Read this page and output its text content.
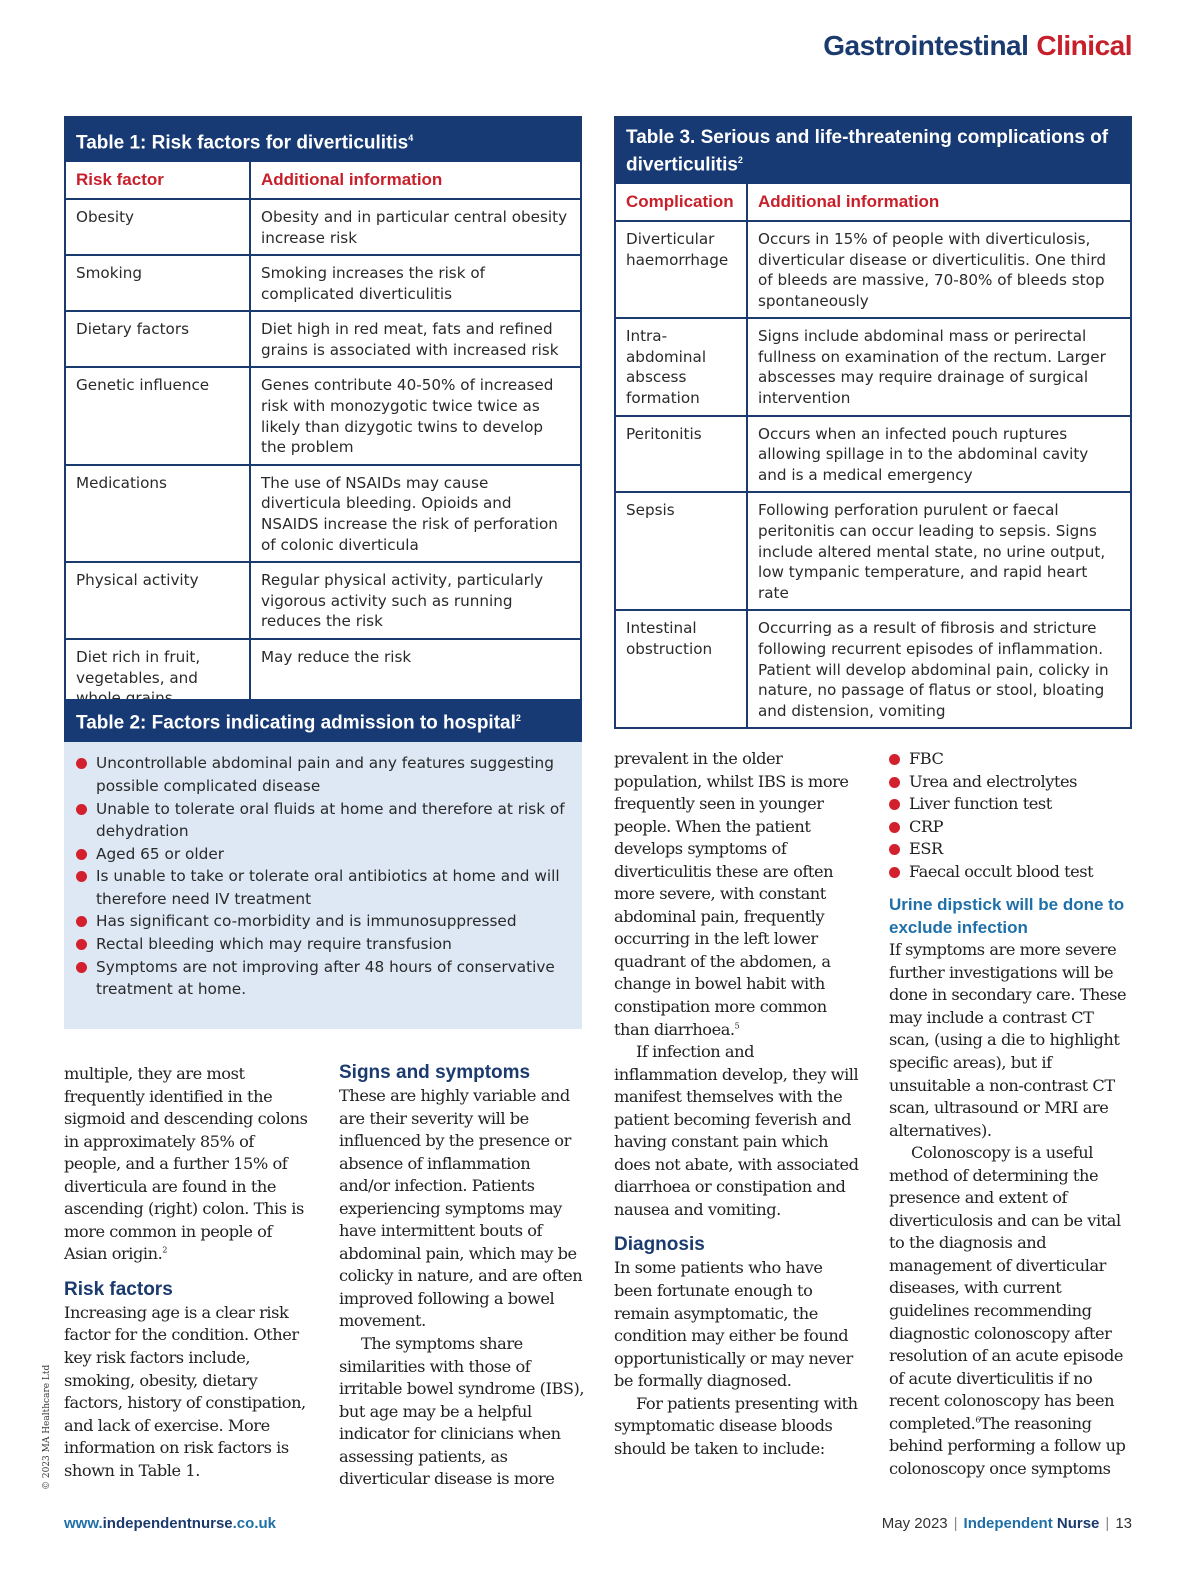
Gastrointestinal Clinical
Table 1: Risk factors for diverticulitis$^4$
Risk factor	Additional information
Obesity	Obesity and in particular central obesity increase risk
Smoking	Smoking increases the risk of complicated diverticulitis
Dietary factors	Diet high in red meat, fats and refined grains is associated with increased risk
Genetic influence	Genes contribute 40-50% of increased risk with monozygotic twice twice as likely than dizygotic twins to develop the problem
Medications	The use of NSAIDs may cause diverticula bleeding. Opioids and NSAIDS increase the risk of perforation of colonic diverticula
Physical activity	Regular physical activity, particularly vigorous activity such as running reduces the risk
Diet rich in fruit, vegetables, and	May reduce the risk
Table 3. Serious and life-threatening complications of diverticulitis$^2$
Complication	Additional information
Diverticular haemorrhage	Occurs in 15% of people with diverticulosis, diverticular disease or diverticulitis. One third of bleeds are massive, 70-80% of bleeds stop spontaneously
Intra-abdominal abscess formation	Signs include abdominal mass or perirectal fullness on examination of the rectum. Larger abscesses may require drainage of surgical intervention
Peritonitis	Occurs when an infected pouch ruptures allowing spillage in to the abdominal cavity and is a medical emergency
Sepsis	Following perforation purulent or faecal peritonitis can occur leading to sepsis. Signs include altered mental state, no urine output, low tympanic temperature, and rapid heart rate
Intestinal obstruction	Occurring as a result of fibrosis and stricture following recurrent episodes of inflammation. Patient will develop abdominal pain, colicky in nature, no passage of flatus or stool, bloating and distension, vomiting
Table 2: Factors indicating admission to hospital$^2$
Uncontrollable abdominal pain and any features suggesting possible complicated disease
Unable to tolerate oral fluids at home and therefore at risk of dehydration
Aged 65 or older
Is unable to take or tolerate oral antibiotics at home and will therefore need IV treatment
Has significant co-morbidity and is immunosuppressed
Rectal bleeding which may require transfusion
Symptoms are not improving after 48 hours of conservative treatment at home.

multiple, they are most frequently identified in the sigmoid and descending colons in approximately 85% of people, and a further 15% of diverticula are found in the ascending (right) colon. This is more common in people of Asian origin.$^2$

Risk factors

Increasing age is a clear risk factor for the condition. Other key risk factors include, smoking, obesity, dietary factors, history of constipation, and lack of exercise. More information on risk factors is shown in Table 1.

Signs and symptoms

These are highly variable and are their severity will be influenced by the presence or absence of inflammation and/or infection. Patients experiencing symptoms may have intermittent bouts of abdominal pain, which may be colicky in nature, and are often improved following a bowel movement.

The symptoms share similarities with those of irritable bowel syndrome (IBS), but age may be a helpful indicator for clinicians when assessing patients, as diverticular disease is more

prevalent in the older population, whilst IBS is more frequently seen in younger people. When the patient develops symptoms of diverticulitis these are often more severe, with constant abdominal pain, frequently occurring in the left lower quadrant of the abdomen, a change in bowel habit with constipation more common than diarrhoea.$^5$

If infection and inflammation develop, they will manifest themselves with the patient becoming feverish and having constant pain which does not abate, with associated diarrhoea or constipation and nausea and vomiting.

Diagnosis

In some patients who have been fortunate enough to remain asymptomatic, the condition may either be found opportunistically or may never be formally diagnosed.

For patients presenting with symptomatic disease bloods should be taken to include:

FBC
Urea and electrolytes
Liver function test
CRP
ESR
Faecal occult blood test
Urine dipstick will be done to exclude infection

If symptoms are more severe further investigations will be done in secondary care. These may include a contrast CT scan, (using a die to highlight specific areas), but if unsuitable a non-contrast CT scan, ultrasound or MRI are alternatives).

Colonoscopy is a useful method of determining the presence and extent of diverticulosis and can be vital to the diagnosis and management of diverticular diseases, with current guidelines recommending diagnostic colonoscopy after resolution of an acute episode of acute diverticulitis if no recent colonoscopy has been completed.$^6$The reasoning behind performing a follow up colonoscopy once symptoms

© 2023 MA Healthcare Ltd
www.independentnurse.co.uk	May 2023 | Independent Nurse | 13
